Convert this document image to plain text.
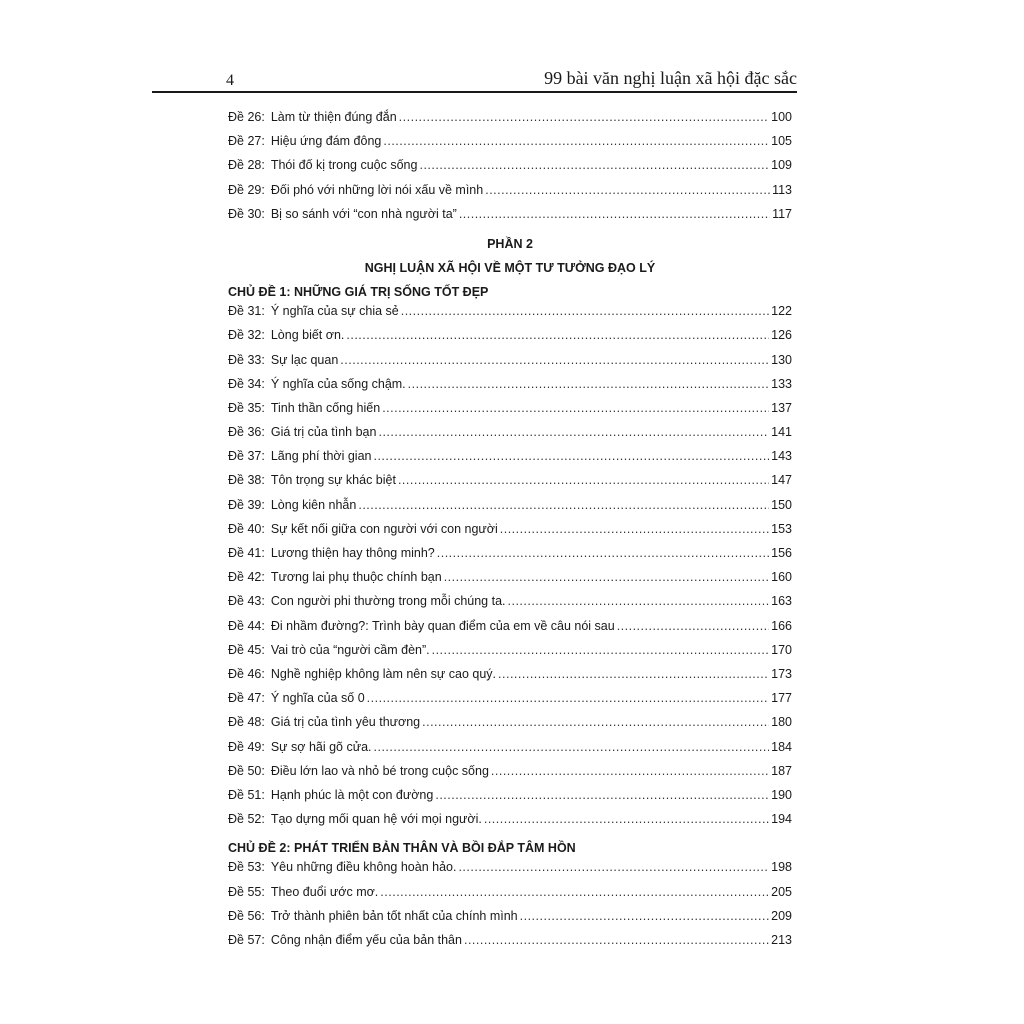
4	99 bài văn nghị luận xã hội đặc sắc
Đề 26: Làm từ thiện đúng đắn .....	100
Đề 27: Hiệu ứng đám đông .....	105
Đề 28: Thói đố kị trong cuộc sống .....	109
Đề 29: Đối phó với những lời nói xấu về mình .....	113
Đề 30: Bị so sánh với “con nhà người ta” .....	117
PHẦN 2
NGHỊ LUẬN XÃ HỘI VỀ MỘT TƯ TƯỞNG ĐẠO LÝ
CHỦ ĐỀ 1: NHỮNG GIÁ TRỊ SỐNG TỐT ĐẸP
Đề 31: Ý nghĩa của sự chia sẻ .....	122
Đề 32: Lòng biết ơn. .....	126
Đề 33: Sự lạc quan .....	130
Đề 34: Ý nghĩa của sống chậm. .....	133
Đề 35: Tinh thần cống hiến .....	137
Đề 36: Giá trị của tình bạn .....	141
Đề 37: Lãng phí thời gian .....	143
Đề 38: Tôn trọng sự khác biệt .....	147
Đề 39: Lòng kiên nhẫn .....	150
Đề 40: Sự kết nối giữa con người với con người .....	153
Đề 41: Lương thiện hay thông minh? .....	156
Đề 42: Tương lai phụ thuộc chính bạn .....	160
Đề 43: Con người phi thường trong mỗi chúng ta. .....	163
Đề 44: Đi nhầm đường?: Trình bày quan điểm của em về câu nói sau .....	166
Đề 45: Vai trò của “người cầm đèn”. .....	170
Đề 46: Nghề nghiệp không làm nên sự cao quý. .....	173
Đề 47: Ý nghĩa của số 0 .....	177
Đề 48: Giá trị của tình yêu thương .....	180
Đề 49: Sự sợ hãi gõ cửa. .....	184
Đề 50: Điều lớn lao và nhỏ bé trong cuộc sống .....	187
Đề 51: Hạnh phúc là một con đường .....	190
Đề 52: Tạo dựng mối quan hệ với mọi người. .....	194
CHỦ ĐỀ 2: PHÁT TRIỂN BẢN THÂN VÀ BỒI ĐẮP TÂM HỒN
Đề 53: Yêu những điều không hoàn hảo. .....	198
Đề 55: Theo đuổi ước mơ. .....	205
Đề 56: Trở thành phiên bản tốt nhất của chính mình .....	209
Đề 57: Công nhận điểm yếu của bản thân .....	213
